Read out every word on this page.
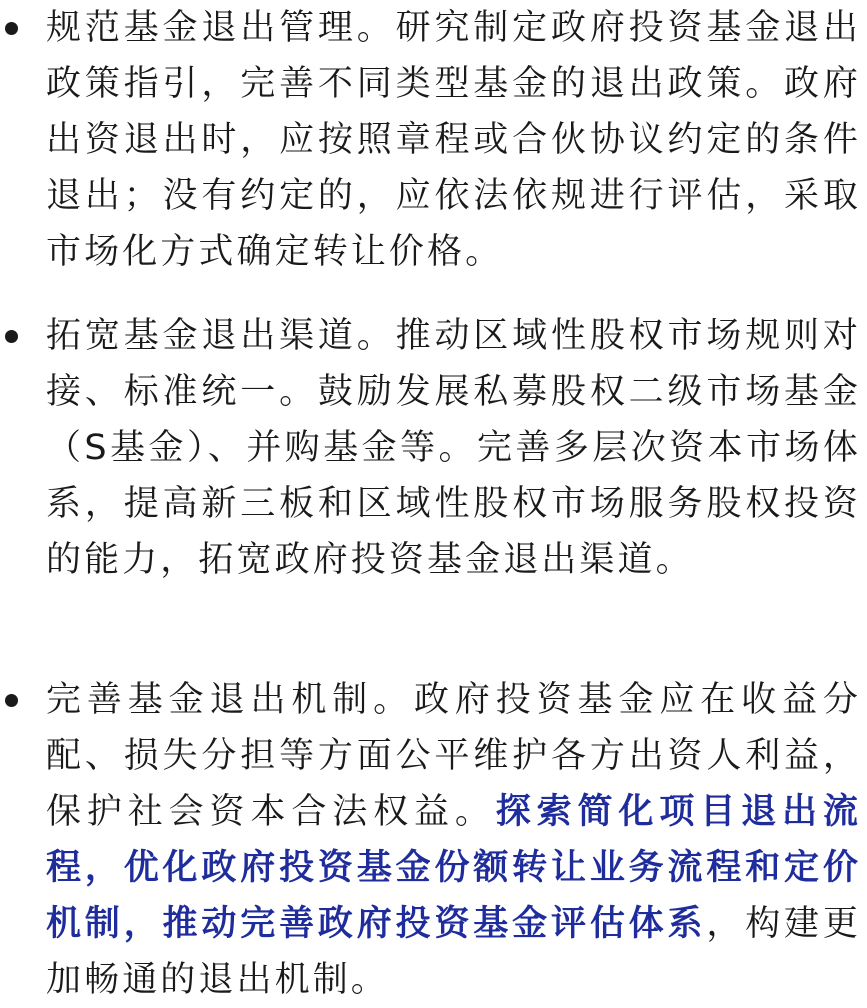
规范基金退出管理。研究制定政府投资基金退出政策指引，完善不同类型基金的退出政策。政府出资退出时，应按照章程或合伙协议约定的条件退出；没有约定的，应依法依规进行评估，采取市场化方式确定转让价格。

拓宽基金退出渠道。推动区域性股权市场规则对接、标准统一。鼓励发展私募股权二级市场基金（S基金）、并购基金等。完善多层次资本市场体系，提高新三板和区域性股权市场服务股权投资的能力，拓宽政府投资基金退出渠道。

完善基金退出机制。政府投资基金应在收益分配、损失分担等方面公平维护各方出资人利益，保护社会资本合法权益。探索简化项目退出流程，优化政府投资基金份额转让业务流程和定价机制，推动完善政府投资基金评估体系，构建更加畅通的退出机制。
